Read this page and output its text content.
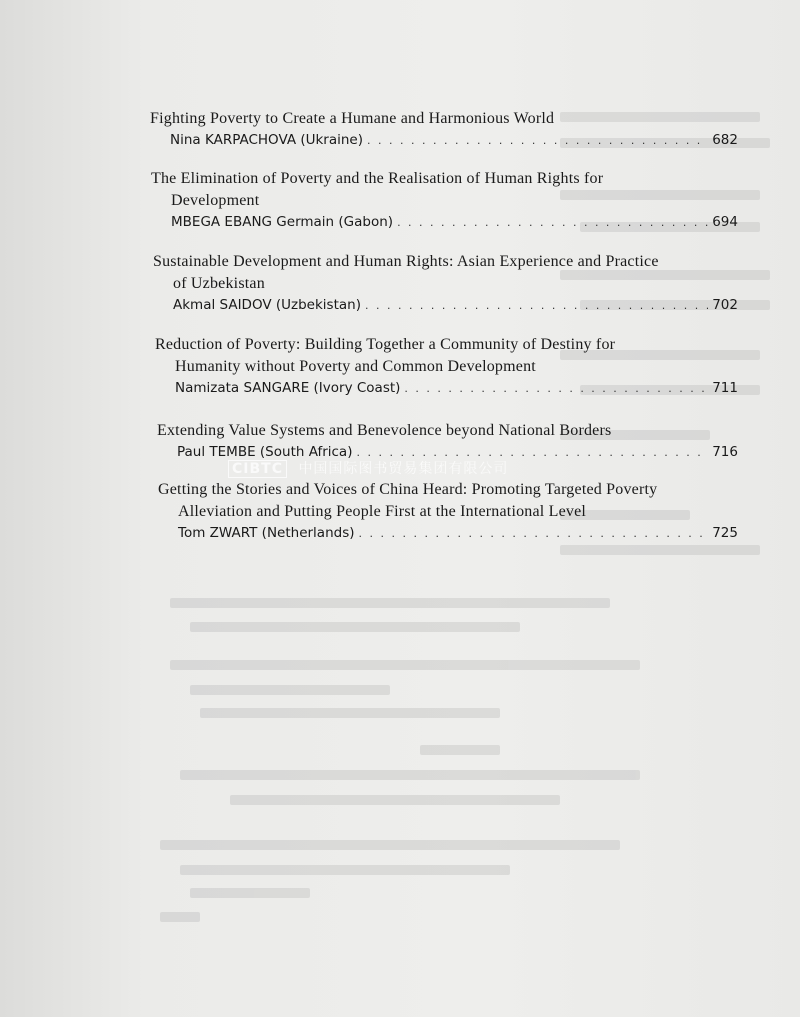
Fighting Poverty to Create a Humane and Harmonious World
Nina KARPACHOVA (Ukraine) . . .	682
The Elimination of Poverty and the Realisation of Human Rights for
Development
MBEGA EBANG Germain (Gabon) . . .	694
Sustainable Development and Human Rights: Asian Experience and Practice
of Uzbekistan
Akmal SAIDOV (Uzbekistan) . . .	702
Reduction of Poverty: Building Together a Community of Destiny for
Humanity without Poverty and Common Development
Namizata SANGARE (Ivory Coast) . . .	711
Extending Value Systems and Benevolence beyond National Borders
Paul TEMBE (South Africa) . . .	716
Getting the Stories and Voices of China Heard: Promoting Targeted Poverty
Alleviation and Putting People First at the International Level
Tom ZWART (Netherlands) . . .	725
CIBTC 中国国际图书贸易集团有限公司
